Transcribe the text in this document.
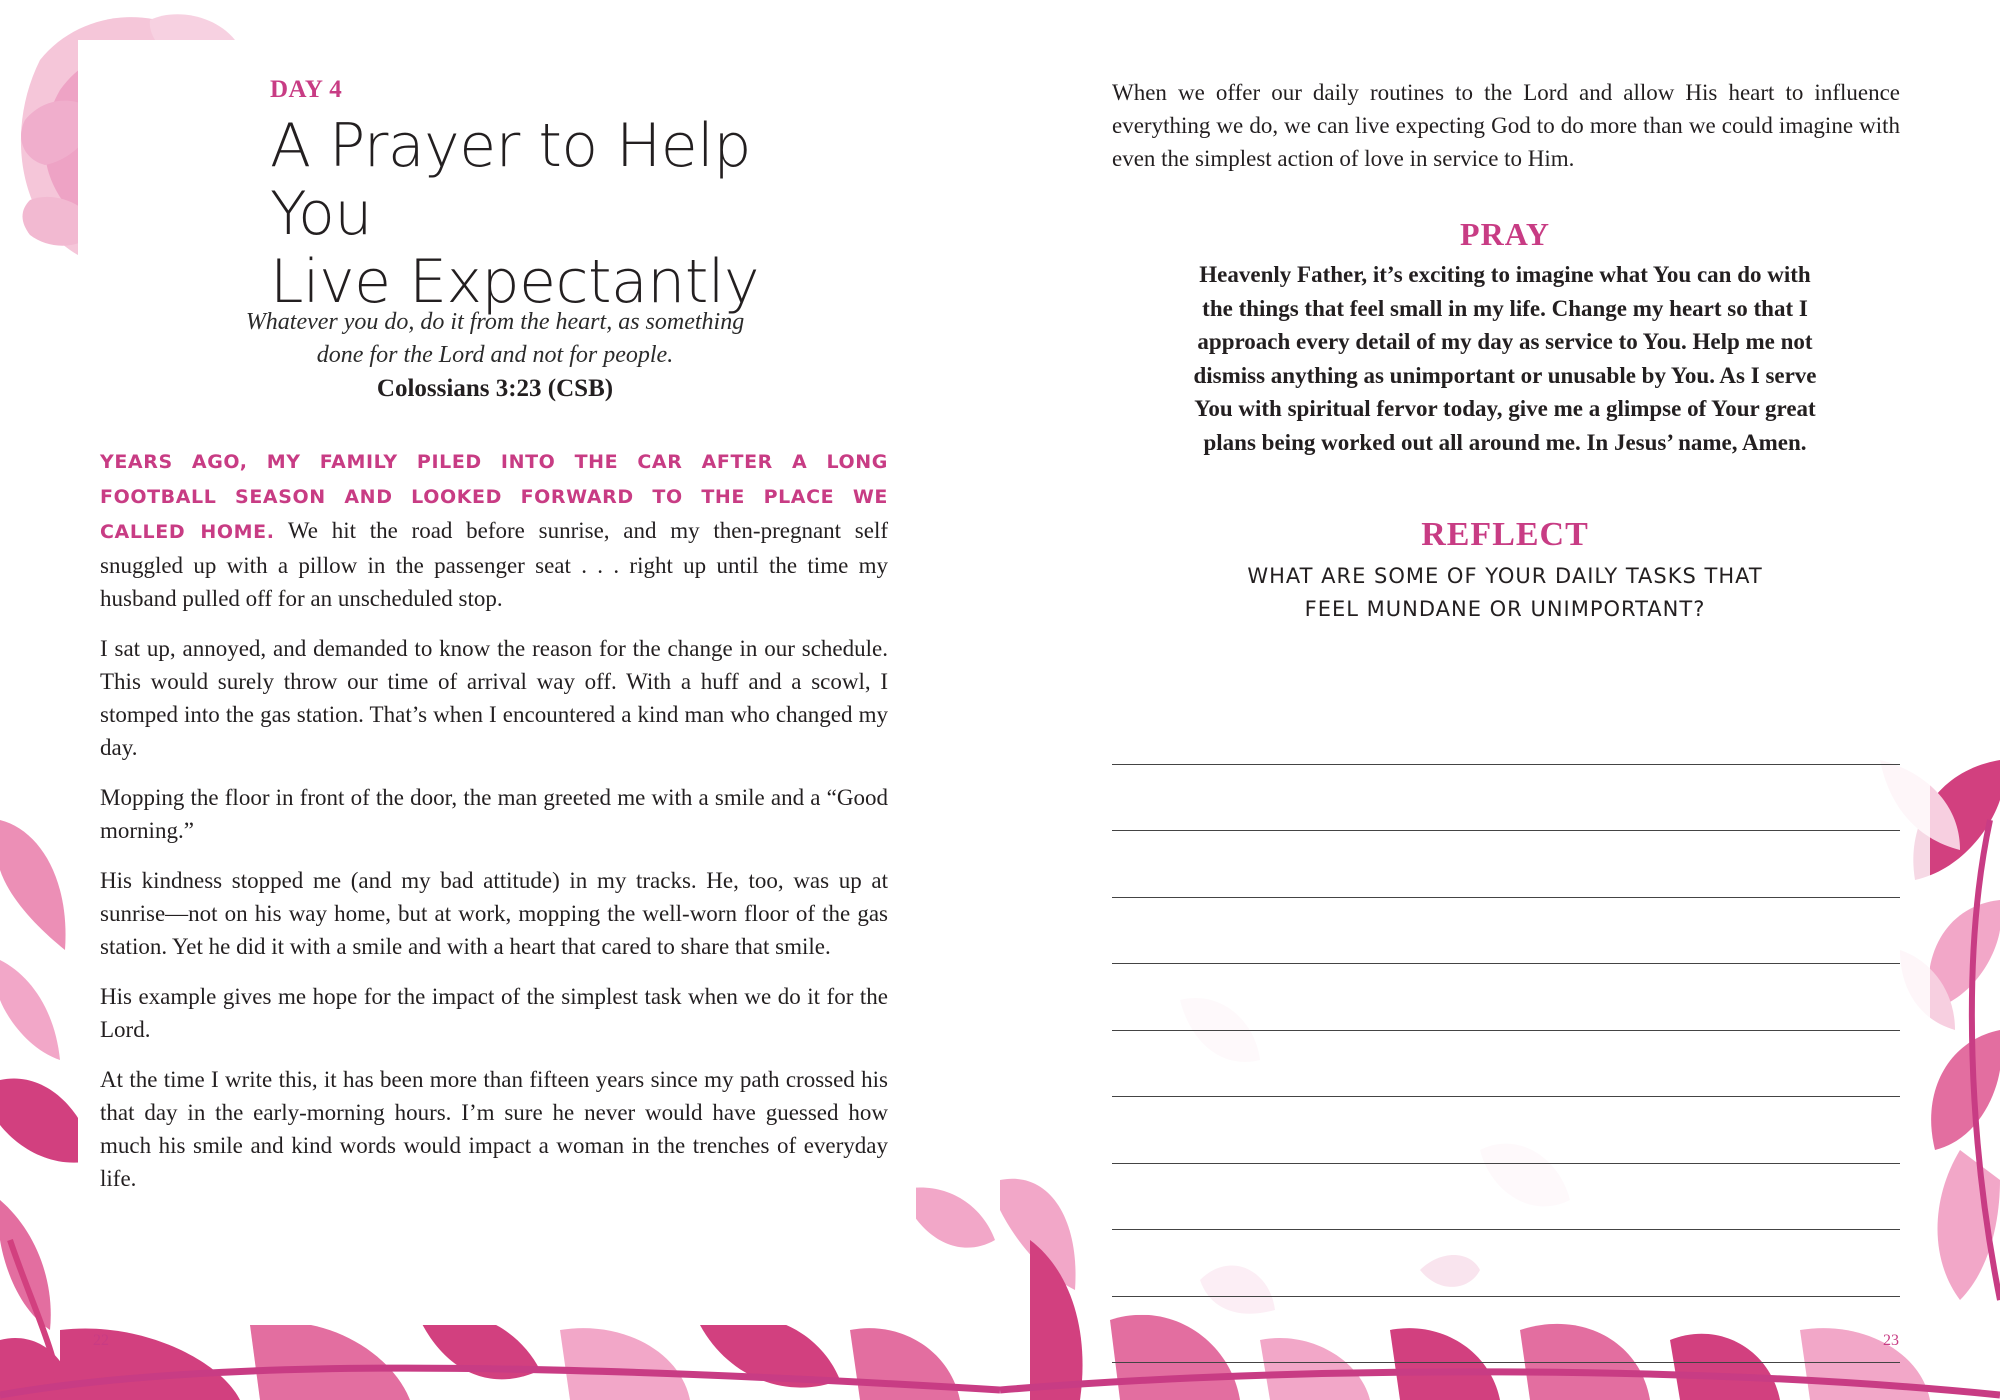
DAY 4
A Prayer to Help You
Live Expectantly
Whatever you do, do it from the heart, as something
done for the Lord and not for people.
Colossians 3:23 (CSB)

YEARS AGO, MY FAMILY PILED INTO THE CAR AFTER A LONG FOOTBALL SEASON AND LOOKED FORWARD TO THE PLACE WE CALLED HOME. We hit the road before sunrise, and my then-pregnant self snuggled up with a pillow in the passenger seat . . . right up until the time my husband pulled off for an unscheduled stop.

I sat up, annoyed, and demanded to know the reason for the change in our schedule. This would surely throw our time of arrival way off. With a huff and a scowl, I stomped into the gas station. That’s when I encountered a kind man who changed my day.

Mopping the floor in front of the door, the man greeted me with a smile and a “Good morning.”

His kindness stopped me (and my bad attitude) in my tracks. He, too, was up at sunrise—not on his way home, but at work, mopping the well-worn floor of the gas station. Yet he did it with a smile and with a heart that cared to share that smile.

His example gives me hope for the impact of the simplest task when we do it for the Lord.

At the time I write this, it has been more than fifteen years since my path crossed his that day in the early-morning hours. I’m sure he never would have guessed how much his smile and kind words would impact a woman in the trenches of everyday life.

22

When we offer our daily routines to the Lord and allow His heart to influence everything we do, we can live expecting God to do more than we could imagine with even the simplest action of love in service to Him.

PRAY
Heavenly Father, it’s exciting to imagine what You can do with
the things that feel small in my life. Change my heart so that I
approach every detail of my day as service to You. Help me not
dismiss anything as unimportant or unusable by You. As I serve
You with spiritual fervor today, give me a glimpse of Your great
plans being worked out all around me. In Jesus’ name, Amen.
REFLECT
WHAT ARE SOME OF YOUR DAILY TASKS THAT
FEEL MUNDANE OR UNIMPORTANT?
23
